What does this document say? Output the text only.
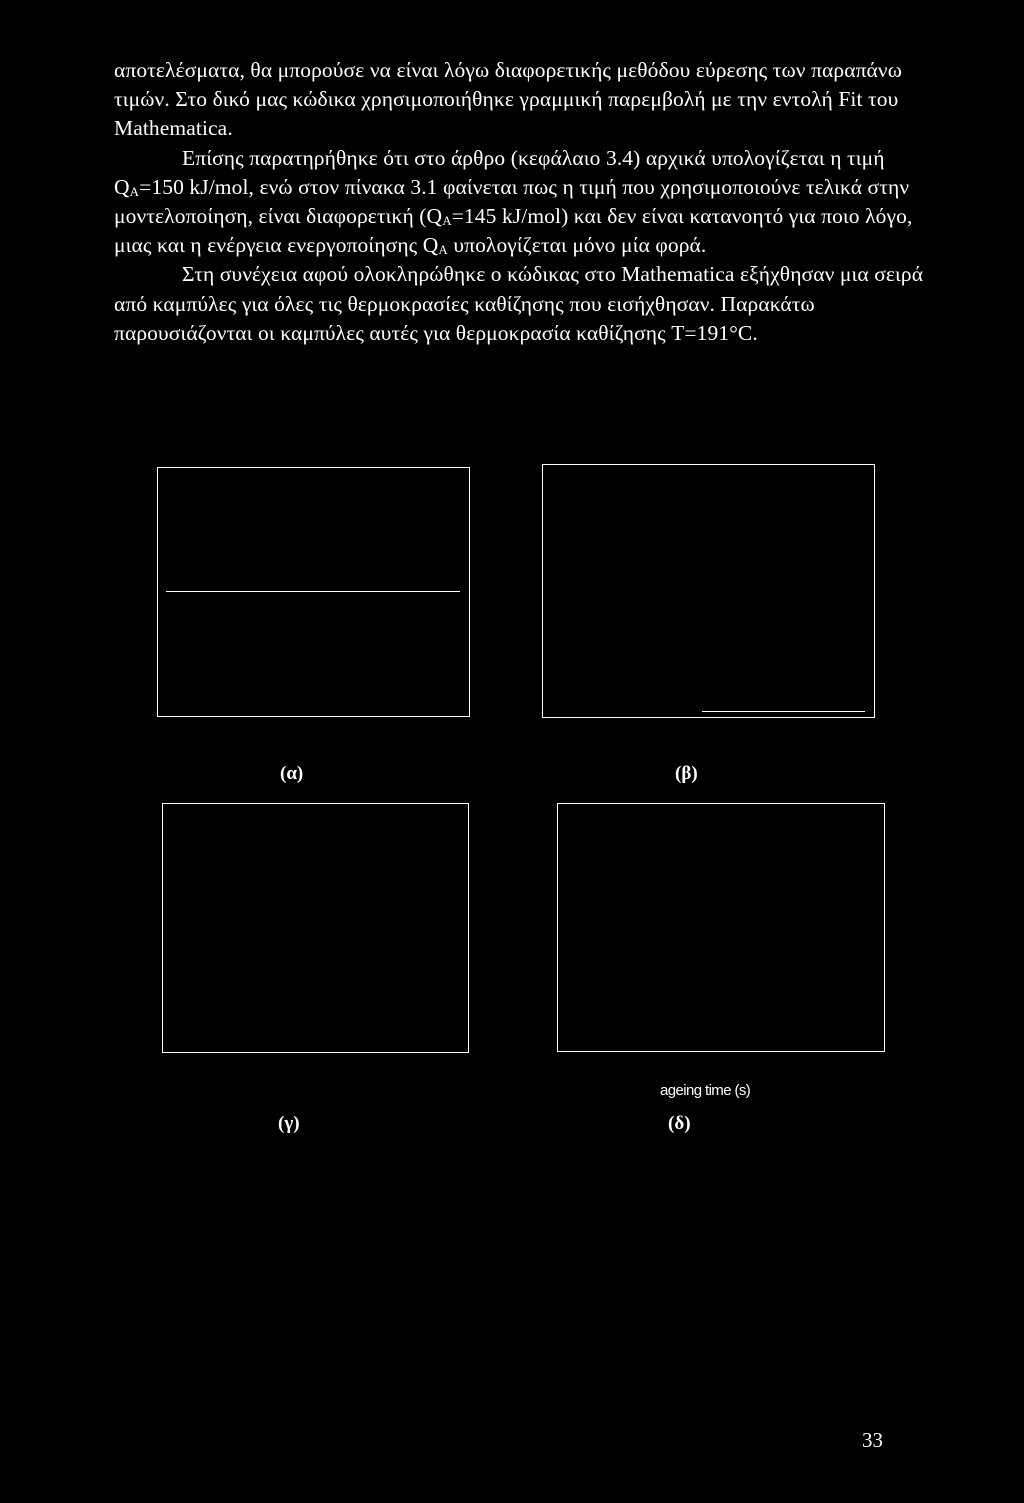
αποτελέσματα, θα μπορούσε να είναι λόγω διαφορετικής μεθόδου εύρεσης των παραπάνω τιμών. Στο δικό μας κώδικα χρησιμοποιήθηκε γραμμική παρεμβολή με την εντολή Fit του Mathematica.

Επίσης παρατηρήθηκε ότι στο άρθρο (κεφάλαιο 3.4) αρχικά υπολογίζεται η τιμή $Q_A=150$ kJ/mol, ενώ στον πίνακα 3.1 φαίνεται πως η τιμή που χρησιμοποιούνε τελικά στην μοντελοποίηση, είναι διαφορετική ($Q_A=145$ kJ/mol) και δεν είναι κατανοητό για ποιο λόγο, μιας και η ενέργεια ενεργοποίησης $Q_A$ υπολογίζεται μόνο μία φορά.

Στη συνέχεια αφού ολοκληρώθηκε ο κώδικας στο Mathematica εξήχθησαν μια σειρά από καμπύλες για όλες τις θερμοκρασίες καθίζησης που εισήχθησαν. Παρακάτω παρουσιάζονται οι καμπύλες αυτές για θερμοκρασία καθίζησης T=191°C.

(α)	(β)
(γ)
ageing time (s)
(δ)
33
